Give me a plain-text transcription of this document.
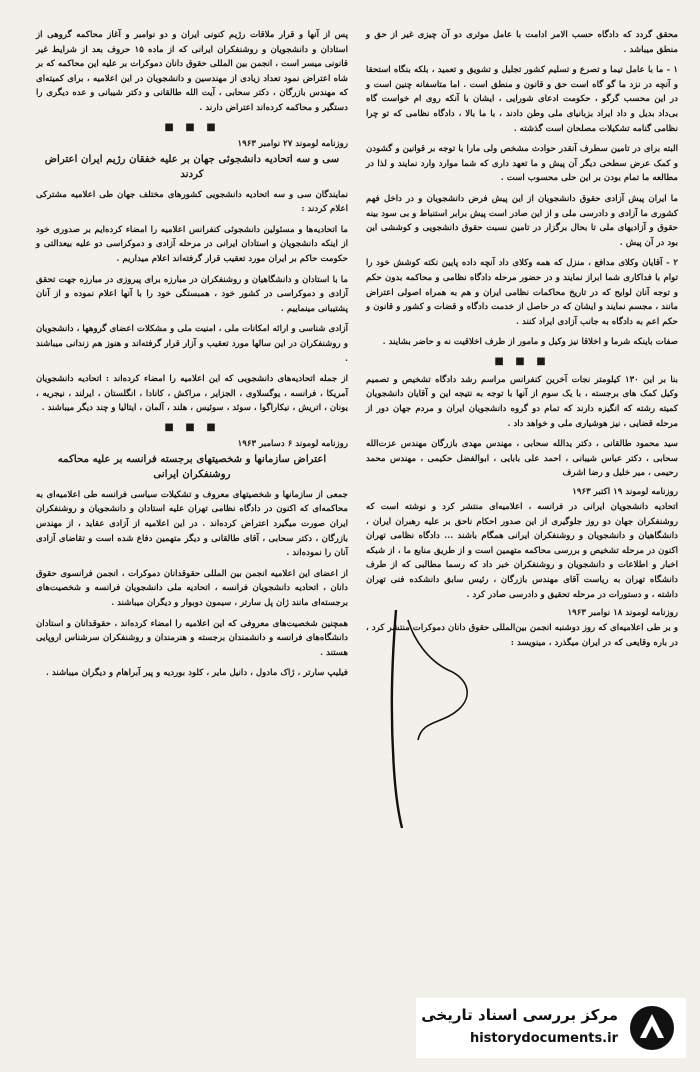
محقق گردد که دادگاه حسب الامر ادامت با عامل موثری دو آن چیزی غیر از حق و منطق میباشد .

۱ - ما با عامل تیما و تصرع و تسلیم کشور تجلیل و تشویق و تعمید ، بلکه بنگاه استحقا و آنچه در نزد ما گو گاه است حق و قانون و منطق است . اما متاسفانه چنین است و در این محسب گرگو ، حکومت ادعای شورایی ، ایشان با آنکه روی ام خواست گاه بی‌داد بدیل و داد ایراد بزبانیای ملی وطن دادند ، با ما بالا ، دادگاه نظامی که تو چرا نظامی گنامه تشکیلات مصلحان است گذشته .

البته برای در تامین سطرف آنقدر حوادث مشخص ولی مارا با توجه بر قوانین و گشودن و کمک عرض سطحی دیگر آن پیش و ما تعهد داری که شما موارد وارد نمایند و لذا در مطالعه ما تمام بودن بر این حلی محسوب است .

ما ایران پیش آزادی حقوق دانشجویان از این پیش فرض دانشجویان و در داخل فهم کشوری ما آزادی و دادرسی ملی و از این صادر است پیش برابر استنباط و بی سود بینه حقوق و آزادیهای ملی تا بحال برگزار در تامین نسبت حقوق دانشجویی و کوششی این بود در آن پیش .

۲ - آقایان وکلای مدافع ، منزل که همه وکلای داد آنچه داده پایین نکته کوشش خود را توام با فداکاری شما ابراز نمایند و در حضور مرحله دادگاه نظامی و محاکمه بدون حکم و توجه آنان لوایح که در تاریخ محاکمات نظامی ایران و هم به همراه اصولی اعتراض مانند ، مجسم نمایند و ایشان که در حاصل از خدمت دادگاه و قضات و کشور و قانون و حکم اعم به دادگاه به جانب آزادی ایراد کنند .

صفات باینکه شرما و اخلاقا نیز وکیل و مامور از طرف اخلاقیت نه و حاضر بشایند .

■ ■ ■

بنا بر این ۱۳۰ کیلومتر نجات آخرین کنفرانس مراسم رشد دادگاه تشخیص و تصمیم وکیل کمک های برجسته ، با یک سوم از آنها با توجه به نتیجه این و آقایان دانشجویان کمیته رشته که انگیزه دارند که تمام دو گروه دانشجویان ایران و مردم جهان دور از مرحله قضایی ، نیز هوشیاری ملی و خواهد داد .

سید محمود طالقانی ، دکتر یدالله سحابی ، مهندس مهدی بازرگان مهندس عزت‌الله سحابی ، دکتر عباس شیبانی ، احمد علی بابایی ، ابوالفضل حکیمی ، مهندس محمد رحیمی ، میر خلیل و رضا اشرف

روزنامه لوموند ۱۹ اکتبر ۱۹۶۳

اتحادیه دانشجویان ایرانی در فرانسه ، اعلامیه‌ای منتشر کرد و نوشته است که روشنفکران جهان دو روز جلوگیری از این صدور احکام ناحق بر علیه رهبران ایران ، دانشگاهیان و دانشجویان و روشنفکران ایرانی همگام باشند ... دادگاه نظامی تهران اکنون در مرحله تشخیص و بررسی محاکمه متهمین است و از طریق منابع ما ، از شبکه اخبار و اطلاعات و دانشجویان و روشنفکران خبر داد که رسما مطالبی که از طرف دانشگاه تهران به ریاست آقای مهندس بازرگان ، رئیس سابق دانشکده فنی تهران داشته ، و دستورات در مرحله تحقیق و دادرسی صادر کرد .

روزنامه لوموند ۱۸ نوامبر ۱۹۶۳

و بر طی اعلامیه‌ای که روز دوشنبه انجمن بین‌المللی حقوق دانان دموکرات منتشر کرد ، در باره وقایعی که در ایران میگذرد ، مینویسد :

پس از آنها و قرار ملاقات رژیم کنونی ایران و دو نوامبر و آغاز محاکمه گروهی از استادان و دانشجویان و روشنفکران ایرانی که از ماده ۱۵ حروف بعد از شرایط غیر قانونی میسر است ، انجمن بین المللی حقوق دانان دموکرات بر علیه این محاکمه که بر شاه اعتراض نمود تعداد زیادی از مهندسین و دانشجویان در این اعلامیه ، برای کمیته‌ای که مهندس بازرگان ، دکتر سحابی ، آیت الله طالقانی و دکتر شیبانی و عده دیگری را دستگیر و محاکمه کرده‌اند اعتراض دارند .

■ ■ ■
روزنامه لوموند ۲۷ نوامبر ۱۹۶۳
سی و سه اتحادیه دانشجوئی جهان بر علیه خفقان رژیم ایران اعتراض کردند

نمایندگان سی و سه اتحادیه دانشجویی کشورهای مختلف جهان طی اعلامیه مشترکی اعلام کردند :

ما اتحادیه‌ها و مسئولین دانشجوئی کنفرانس اعلامیه را امضاء کرده‌ایم بر صدوری خود از اینکه دانشجویان و استادان ایرانی در مرحله آزادی و دموکراسی دو علیه بیعدالتی و حکومت حاکم بر ایران مورد تعقیب قرار گرفته‌اند اعلام میداریم .

ما با استادان و دانشگاهیان و روشنفکران در مبارزه برای پیروزی در مبارزه جهت تحقق آزادی و دموکراسی در کشور خود ، همبستگی خود را با آنها اعلام نموده و از آنان پشتیبانی مینماییم .

آزادی شناسی و ارائه امکانات ملی ، امنیت ملی و مشکلات اعضای گروهها ، دانشجویان و روشنفکران در این سالها مورد تعقیب و آزار قرار گرفته‌اند و هنوز هم زندانی میباشند .

از جمله اتحادیه‌های دانشجویی که این اعلامیه را امضاء کرده‌اند : اتحادیه دانشجویان آمریکا ، فرانسه ، یوگسلاوی ، الجزایر ، مراکش ، کانادا ، انگلستان ، ایرلند ، نیجریه ، یونان ، اتریش ، نیکاراگوا ، سوئد ، سوئیس ، هلند ، آلمان ، ایتالیا و چند دیگر میباشند .

■ ■ ■
روزنامه لوموند ۶ دسامبر ۱۹۶۳
اعتراض سازمانها و شخصیتهای برجسته فرانسه بر علیه محاکمه روشنفکران ایرانی

جمعی از سازمانها و شخصیتهای معروف و تشکیلات سیاسی فرانسه طی اعلامیه‌ای به محاکمه‌ای که اکنون در دادگاه نظامی تهران علیه استادان و دانشجویان و روشنفکران ایران صورت میگیرد اعتراض کرده‌اند . در این اعلامیه از آزادی عقاید ، از مهندس بازرگان ، دکتر سحابی ، آقای طالقانی و دیگر متهمین دفاع شده است و تقاضای آزادی آنان را نموده‌اند .

از اعضای این اعلامیه انجمن بین المللی حقوقدانان دموکرات ، انجمن فرانسوی حقوق دانان ، اتحادیه دانشجویان فرانسه ، اتحادیه ملی دانشجویان فرانسه و شخصیت‌های برجسته‌ای مانند ژان پل سارتر ، سیمون دوبوار و دیگران میباشند .

همچنین شخصیت‌های معروفی که این اعلامیه را امضاء کرده‌اند ، حقوقدانان و استادان دانشگاه‌های فرانسه و دانشمندان برجسته و هنرمندان و روشنفکران سرشناس اروپایی هستند .

فیلیپ سارتر ، ژاک مادول ، دانیل مایر ، کلود بوردیه و پیر آبراهام و دیگران میباشند .

مرکز بررسی اسناد تاریخی
historydocuments.ir
